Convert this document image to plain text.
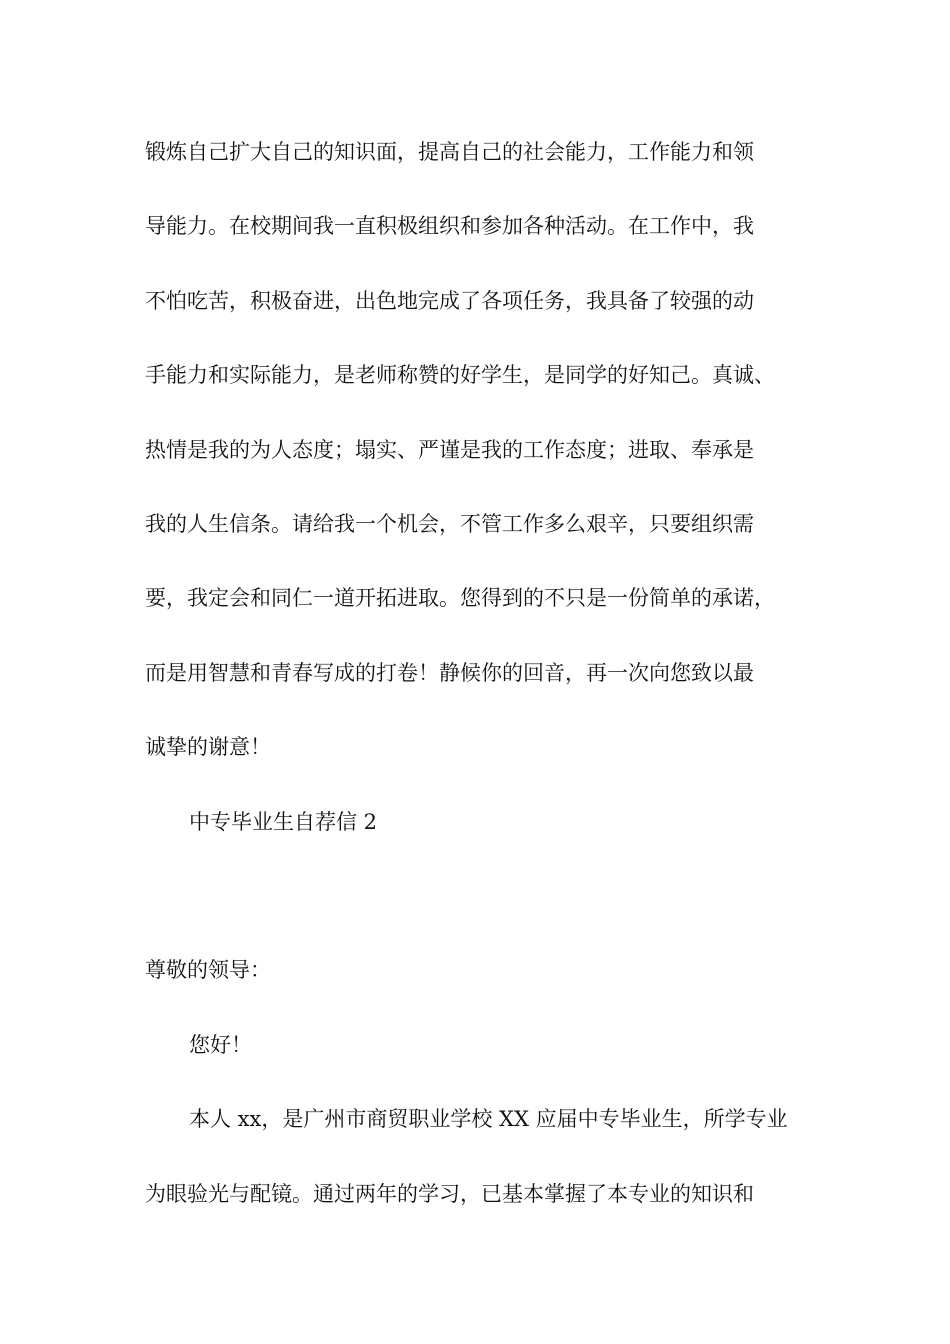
锻炼自己扩大自己的知识面，提高自己的社会能力，工作能力和领
导能力。在校期间我一直积极组织和参加各种活动。在工作中，我
不怕吃苦，积极奋进，出色地完成了各项任务，我具备了较强的动
手能力和实际能力，是老师称赞的好学生，是同学的好知己。真诚、
热情是我的为人态度；塌实、严谨是我的工作态度；进取、奉承是
我的人生信条。请给我一个机会，不管工作多么艰辛，只要组织需
要，我定会和同仁一道开拓进取。您得到的不只是一份简单的承诺，
而是用智慧和青春写成的打卷！静候你的回音，再一次向您致以最
诚挚的谢意！
中专毕业生自荐信 2
尊敬的领导：
您好！
本人 xx，是广州市商贸职业学校 XX 应届中专毕业生，所学专业
为眼验光与配镜。通过两年的学习，已基本掌握了本专业的知识和
